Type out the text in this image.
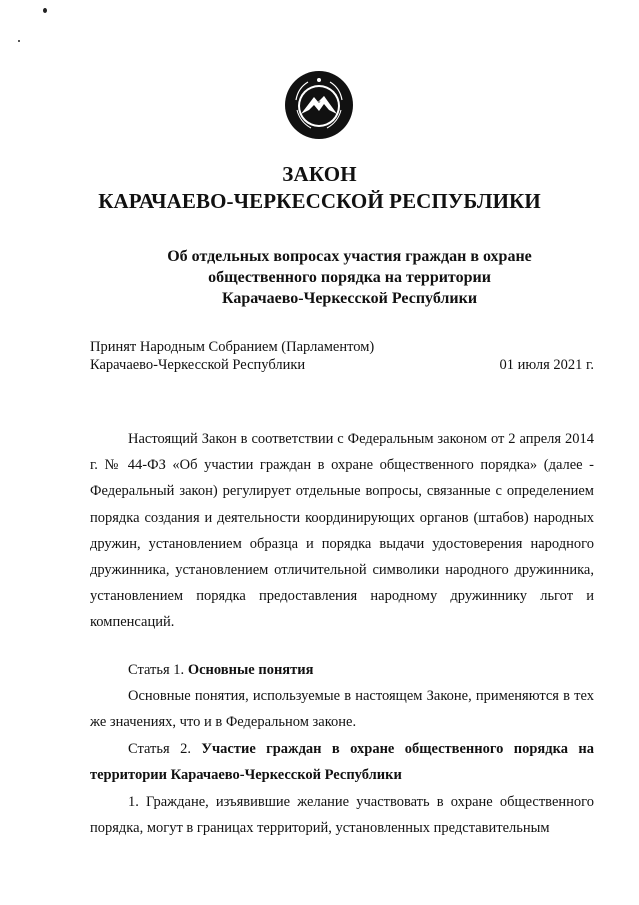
ЗАКОН
КАРАЧАЕВО-ЧЕРКЕССКОЙ РЕСПУБЛИКИ
Об отдельных вопросах участия граждан в охране
общественного порядка на территории
Карачаево-Черкесской Республики
Принят Народным Собранием (Парламентом)
Карачаево-Черкесской Республики	01 июля 2021 г.
Настоящий Закон в соответствии с Федеральным законом от 2 апреля 2014 г. № 44-ФЗ «Об участии граждан в охране общественного порядка» (далее - Федеральный закон) регулирует отдельные вопросы, связанные с определением порядка создания и деятельности координирующих органов (штабов) народных дружин, установлением образца и порядка выдачи удостоверения народного дружинника, установлением отличительной символики народного дружинника, установлением порядка предоставления народному дружиннику льгот и компенсаций.
Статья 1. Основные понятия
Основные понятия, используемые в настоящем Законе, применяются в тех же значениях, что и в Федеральном законе.
Статья 2. Участие граждан в охране общественного порядка на территории Карачаево-Черкесской Республики
1. Граждане, изъявившие желание участвовать в охране общественного порядка, могут в границах территорий, установленных представительным
